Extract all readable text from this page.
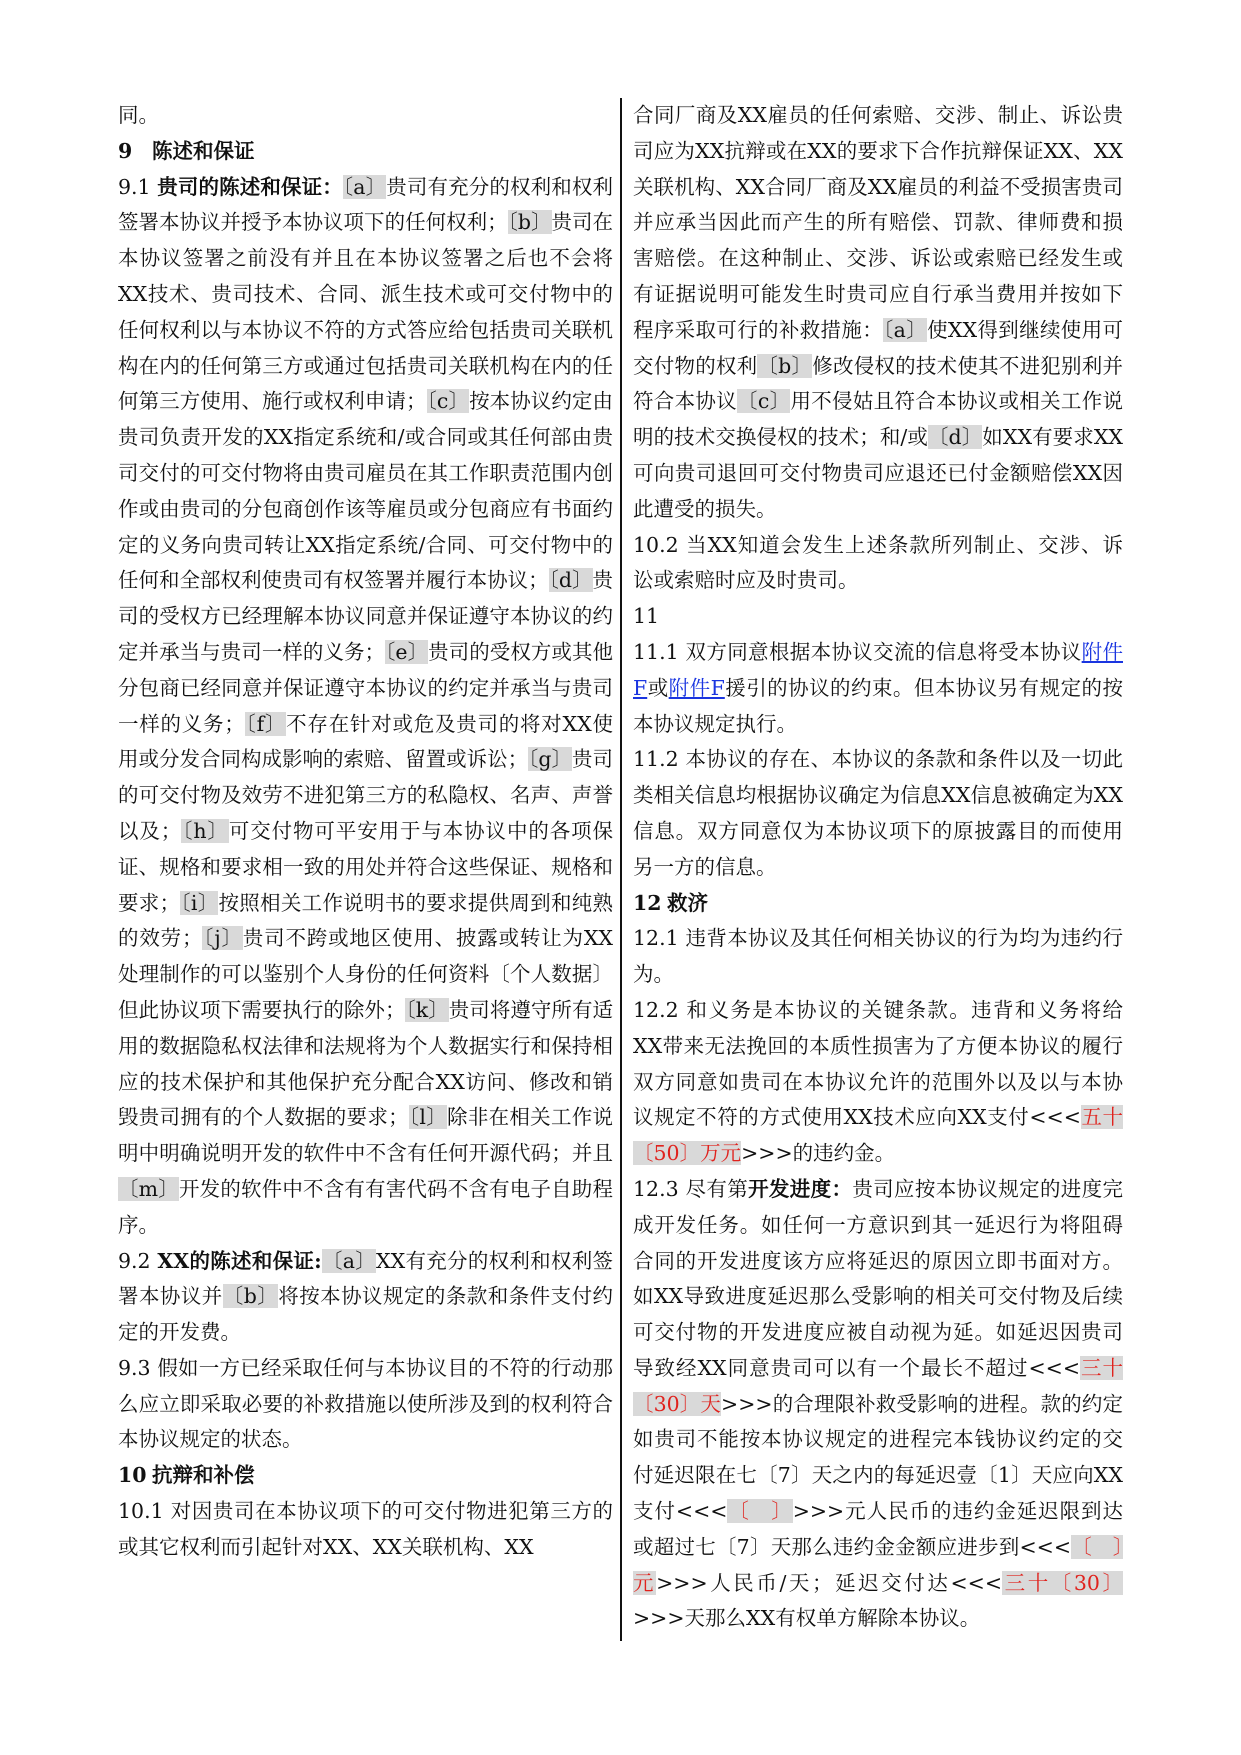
同。

9 陈述和保证

9.1 贵司的陈述和保证：〔a〕贵司有充分的权利和权利签署本协议并授予本协议项下的任何权利；〔b〕贵司在本协议签署之前没有并且在本协议签署之后也不会将XX技术、贵司技术、合同、派生技术或可交付物中的任何权利以与本协议不符的方式答应给包括贵司关联机构在内的任何第三方或通过包括贵司关联机构在内的任何第三方使用、施行或权利申请；〔c〕按本协议约定由贵司负责开发的XX指定系统和/或合同或其任何部由贵司交付的可交付物将由贵司雇员在其工作职责范围内创作或由贵司的分包商创作该等雇员或分包商应有书面约定的义务向贵司转让XX指定系统/合同、可交付物中的任何和全部权利使贵司有权签署并履行本协议；〔d〕贵司的受权方已经理解本协议同意并保证遵守本协议的约定并承当与贵司一样的义务；〔e〕贵司的受权方或其他分包商已经同意并保证遵守本协议的约定并承当与贵司一样的义务；〔f〕不存在针对或危及贵司的将对XX使用或分发合同构成影响的索赔、留置或诉讼；〔g〕贵司的可交付物及效劳不进犯第三方的私隐权、名声、声誉以及；〔h〕可交付物可平安用于与本协议中的各项保证、规格和要求相一致的用处并符合这些保证、规格和要求；〔i〕按照相关工作说明书的要求提供周到和纯熟的效劳；〔j〕贵司不跨或地区使用、披露或转让为XX处理制作的可以鉴别个人身份的任何资料〔个人数据〕但此协议项下需要执行的除外；〔k〕贵司将遵守所有适用的数据隐私权法律和法规将为个人数据实行和保持相应的技术保护和其他保护充分配合XX访问、修改和销毁贵司拥有的个人数据的要求；〔l〕除非在相关工作说明中明确说明开发的软件中不含有任何开源代码；并且〔m〕开发的软件中不含有有害代码不含有电子自助程序。

9.2 XX的陈述和保证:〔a〕XX有充分的权利和权利签署本协议并〔b〕将按本协议规定的条款和条件支付约定的开发费。

9.3 假如一方已经采取任何与本协议目的不符的行动那么应立即采取必要的补救措施以使所涉及到的权利符合本协议规定的状态。

10 抗辩和补偿

10.1 对因贵司在本协议项下的可交付物进犯第三方的或其它权利而引起针对XX、XX关联机构、XX

合同厂商及XX雇员的任何索赔、交涉、制止、诉讼贵司应为XX抗辩或在XX的要求下合作抗辩保证XX、XX关联机构、XX合同厂商及XX雇员的利益不受损害贵司并应承当因此而产生的所有赔偿、罚款、律师费和损害赔偿。在这种制止、交涉、诉讼或索赔已经发生或有证据说明可能发生时贵司应自行承当费用并按如下程序采取可行的补救措施：〔a〕使XX得到继续使用可交付物的权利〔b〕修改侵权的技术使其不进犯别利并符合本协议〔c〕用不侵姑且符合本协议或相关工作说明的技术交换侵权的技术；和/或〔d〕如XX有要求XX可向贵司退回可交付物贵司应退还已付金额赔偿XX因此遭受的损失。

10.2 当XX知道会发生上述条款所列制止、交涉、诉讼或索赔时应及时贵司。

11

11.1 双方同意根据本协议交流的信息将受本协议附件F或附件F援引的协议的约束。但本协议另有规定的按本协议规定执行。

11.2 本协议的存在、本协议的条款和条件以及一切此类相关信息均根据协议确定为信息XX信息被确定为XX信息。双方同意仅为本协议项下的原披露目的而使用另一方的信息。

12 救济

12.1 违背本协议及其任何相关协议的行为均为违约行为。

12.2 和义务是本协议的关键条款。违背和义务将给XX带来无法挽回的本质性损害为了方便本协议的履行双方同意如贵司在本协议允许的范围外以及以与本协议规定不符的方式使用XX技术应向XX支付<<<五十〔50〕万元>>>的违约金。

12.3 尽有第开发进度：贵司应按本协议规定的进度完成开发任务。如任何一方意识到其一延迟行为将阻碍合同的开发进度该方应将延迟的原因立即书面对方。如XX导致进度延迟那么受影响的相关可交付物及后续可交付物的开发进度应被自动视为延。如延迟因贵司导致经XX同意贵司可以有一个最长不超过<<<三十〔30〕天>>>的合理限补救受影响的进程。款的约定如贵司不能按本协议规定的进程完本钱协议约定的交付延迟限在七〔7〕天之内的每延迟壹〔1〕天应向XX支付<<<〔　〕>>>元人民币的违约金延迟限到达或超过七〔7〕天那么违约金金额应进步到<<<〔　〕元>>>人民币/天；延迟交付达<<<三十〔30〕>>>天那么XX有权单方解除本协议。
